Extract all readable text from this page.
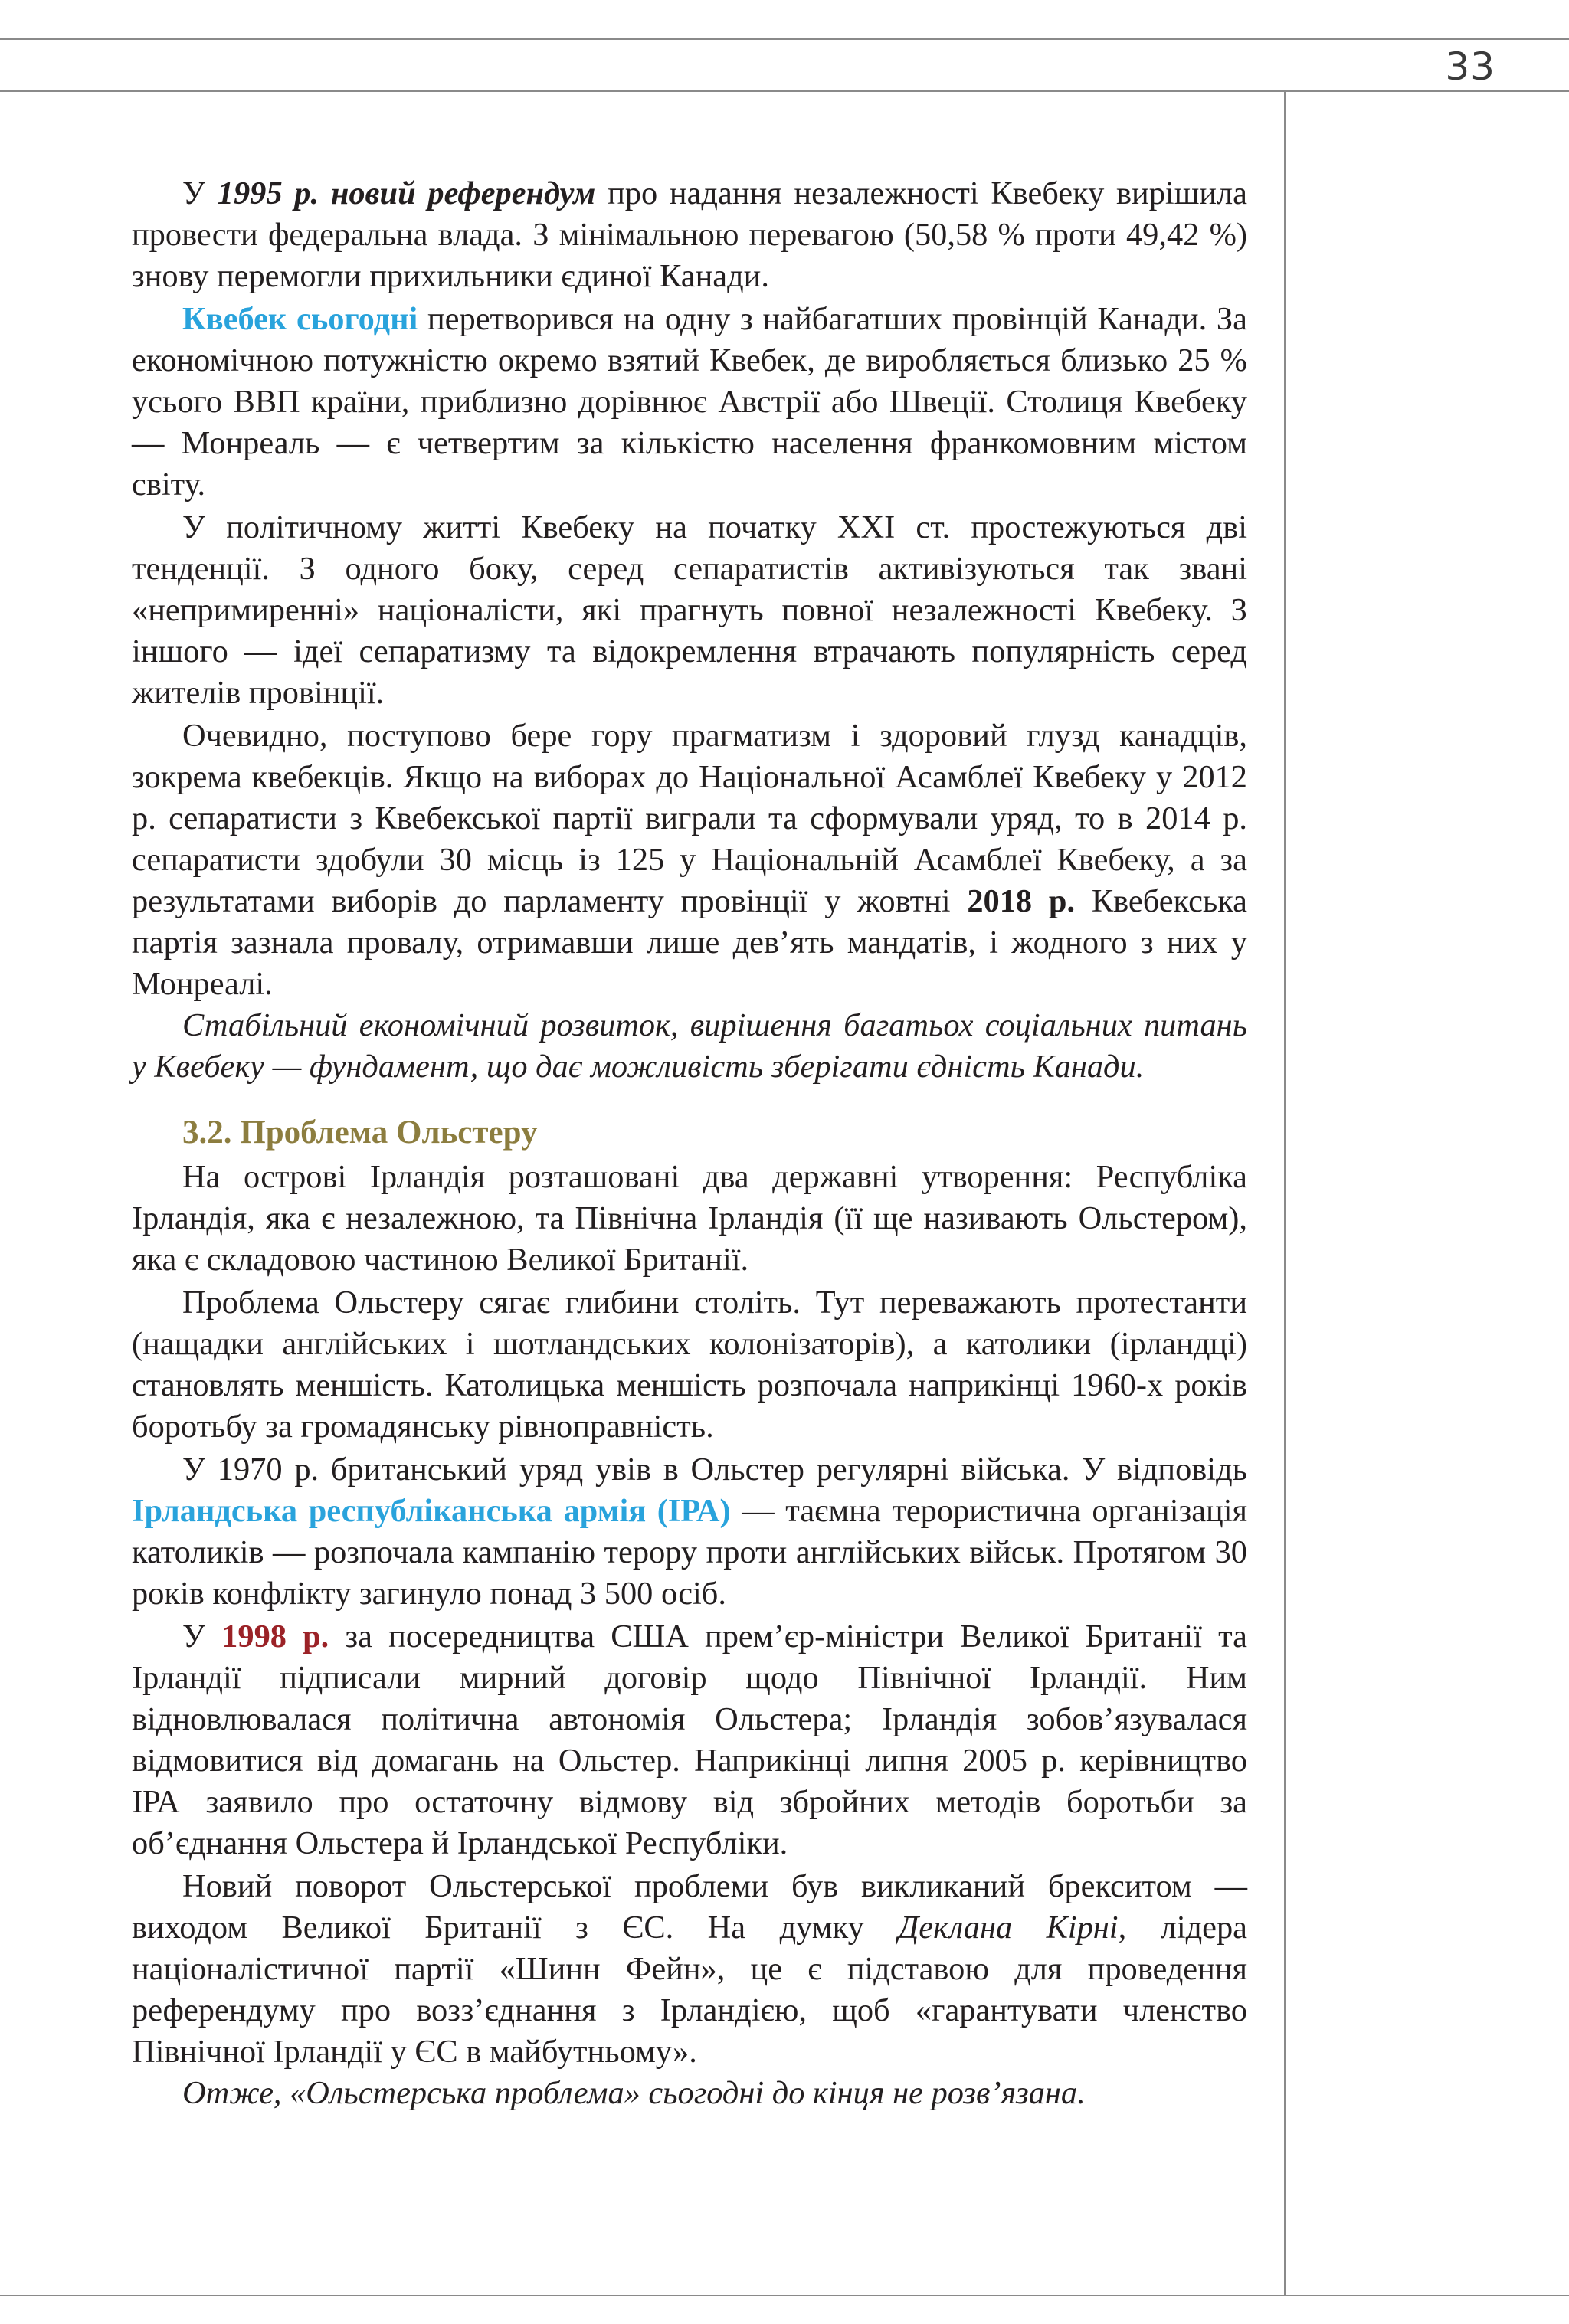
33

У 1995 р. новий референдум про надання незалежності Квебеку вирішила провести федеральна влада. З мінімальною перевагою (50,58 % проти 49,42 %) знову перемогли прихильники єдиної Канади.

Квебек сьогодні перетворився на одну з найбагатших провінцій Канади. За економічною потужністю окремо взятий Квебек, де виробляється близько 25 % усього ВВП країни, приблизно дорівнює Австрії або Швеції. Столиця Квебеку — Монреаль — є четвертим за кількістю населення франкомовним містом світу.

У політичному житті Квебеку на початку XXI ст. простежуються дві тенденції. З одного боку, серед сепаратистів активізуються так звані «непримиренні» націоналісти, які прагнуть повної незалежності Квебеку. З іншого — ідеї сепаратизму та відокремлення втрачають популярність серед жителів провінції.

Очевидно, поступово бере гору прагматизм і здоровий глузд канадців, зокрема квебекців. Якщо на виборах до Національної Асамблеї Квебеку у 2012 р. сепаратисти з Квебекської партії виграли та сформували уряд, то в 2014 р. сепаратисти здобули 30 місць із 125 у Національній Асамблеї Квебеку, а за результатами виборів до парламенту провінції у жовтні 2018 р. Квебекська партія зазнала провалу, отримавши лише дев’ять мандатів, і жодного з них у Монреалі.

Стабільний економічний розвиток, вирішення багатьох соціальних питань у Квебеку — фундамент, що дає можливість зберігати єдність Канади.

3.2. Проблема Ольстеру

На острові Ірландія розташовані два державні утворення: Республіка Ірландія, яка є незалежною, та Північна Ірландія (її ще називають Ольстером), яка є складовою частиною Великої Британії.

Проблема Ольстеру сягає глибини століть. Тут переважають протестанти (нащадки англійських і шотландських колонізаторів), а католики (ірландці) становлять меншість. Католицька меншість розпочала наприкінці 1960-х років боротьбу за громадянську рівноправність.

У 1970 р. британський уряд увів в Ольстер регулярні війська. У відповідь Ірландська республіканська армія (ІРА) — таємна терористична організація католиків — розпочала кампанію терору проти англійських військ. Протягом 30 років конфлікту загинуло понад 3 500 осіб.

У 1998 р. за посередництва США прем’єр-міністри Великої Британії та Ірландії підписали мирний договір щодо Північної Ірландії. Ним відновлювалася політична автономія Ольстера; Ірландія зобов’язувалася відмовитися від домагань на Ольстер. Наприкінці липня 2005 р. керівництво ІРА заявило про остаточну відмову від збройних методів боротьби за об’єднання Ольстера й Ірландської Республіки.

Новий поворот Ольстерської проблеми був викликаний брекситом — виходом Великої Британії з ЄС. На думку Деклана Кірні, лідера націоналістичної партії «Шинн Фейн», це є підставою для проведення референдуму про возз’єднання з Ірландією, щоб «гарантувати членство Північної Ірландії у ЄС в майбутньому».

Отже, «Ольстерська проблема» сьогодні до кінця не розв’язана.
